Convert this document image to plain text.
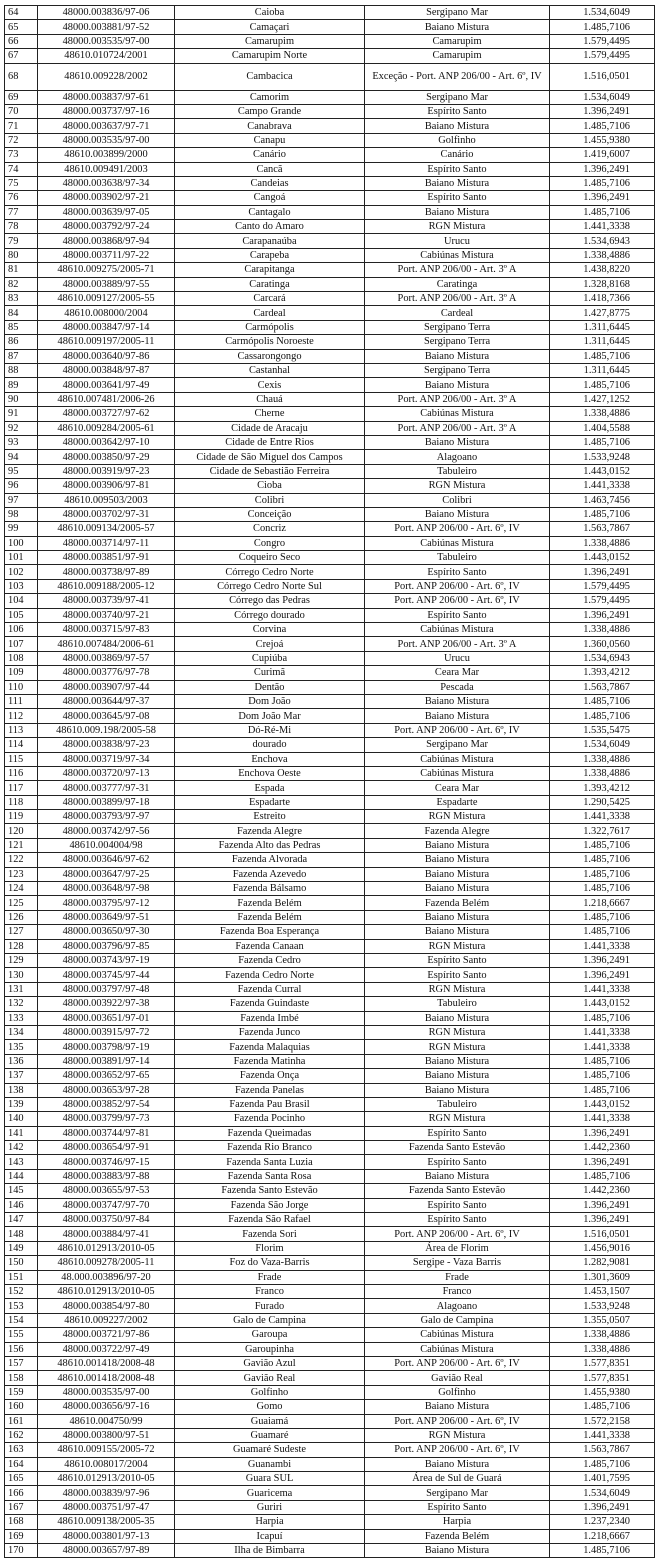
64	48000.003836/97-06	Caioba	Sergipano Mar	1.534,6049
65	48000.003881/97-52	Camaçari	Baiano Mistura	1.485,7106
66	48000.003535/97-00	Camarupim	Camarupim	1.579,4495
67	48610.010724/2001	Camarupim Norte	Camarupim	1.579,4495
68	48610.009228/2002	Cambacica	Exceção - Port. ANP 206/00 - Art. 6º, IV	1.516,0501
69	48000.003837/97-61	Camorim	Sergipano Mar	1.534,6049
70	48000.003737/97-16	Campo Grande	Espírito Santo	1.396,2491
71	48000.003637/97-71	Canabrava	Baiano Mistura	1.485,7106
72	48000.003535/97-00	Canapu	Golfinho	1.455,9380
73	48610.003899/2000	Canário	Canário	1.419,6007
74	48610.009491/2003	Cancã	Espírito Santo	1.396,2491
75	48000.003638/97-34	Candeias	Baiano Mistura	1.485,7106
76	48000.003902/97-21	Cangoá	Espírito Santo	1.396,2491
77	48000.003639/97-05	Cantagalo	Baiano Mistura	1.485,7106
78	48000.003792/97-24	Canto do Amaro	RGN Mistura	1.441,3338
79	48000.003868/97-94	Carapanaúba	Urucu	1.534,6943
80	48000.003711/97-22	Carapeba	Cabiúnas Mistura	1.338,4886
81	48610.009275/2005-71	Carapitanga	Port. ANP 206/00 - Art. 3º A	1.438,8220
82	48000.003889/97-55	Caratinga	Caratinga	1.328,8168
83	48610.009127/2005-55	Carcará	Port. ANP 206/00 - Art. 3º A	1.418,7366
84	48610.008000/2004	Cardeal	Cardeal	1.427,8775
85	48000.003847/97-14	Carmópolis	Sergipano Terra	1.311,6445
86	48610.009197/2005-11	Carmópolis Noroeste	Sergipano Terra	1.311,6445
87	48000.003640/97-86	Cassarongongo	Baiano Mistura	1.485,7106
88	48000.003848/97-87	Castanhal	Sergipano Terra	1.311,6445
89	48000.003641/97-49	Cexis	Baiano Mistura	1.485,7106
90	48610.007481/2006-26	Chauá	Port. ANP 206/00 - Art. 3º A	1.427,1252
91	48000.003727/97-62	Cherne	Cabiúnas Mistura	1.338,4886
92	48610.009284/2005-61	Cidade de Aracaju	Port. ANP 206/00 - Art. 3º A	1.404,5588
93	48000.003642/97-10	Cidade de Entre Rios	Baiano Mistura	1.485,7106
94	48000.003850/97-29	Cidade de São Miguel dos Campos	Alagoano	1.533,9248
95	48000.003919/97-23	Cidade de Sebastião Ferreira	Tabuleiro	1.443,0152
96	48000.003906/97-81	Cioba	RGN Mistura	1.441,3338
97	48610.009503/2003	Colibri	Colibri	1.463,7456
98	48000.003702/97-31	Conceição	Baiano Mistura	1.485,7106
99	48610.009134/2005-57	Concriz	Port. ANP 206/00 - Art. 6º, IV	1.563,7867
100	48000.003714/97-11	Congro	Cabiúnas Mistura	1.338,4886
101	48000.003851/97-91	Coqueiro Seco	Tabuleiro	1.443,0152
102	48000.003738/97-89	Córrego Cedro Norte	Espírito Santo	1.396,2491
103	48610.009188/2005-12	Córrego Cedro Norte Sul	Port. ANP 206/00 - Art. 6º, IV	1.579,4495
104	48000.003739/97-41	Córrego das Pedras	Port. ANP 206/00 - Art. 6º, IV	1.579,4495
105	48000.003740/97-21	Córrego dourado	Espírito Santo	1.396,2491
106	48000.003715/97-83	Corvina	Cabiúnas Mistura	1.338,4886
107	48610.007484/2006-61	Crejoá	Port. ANP 206/00 - Art. 3º A	1.360,0560
108	48000.003869/97-57	Cupiúba	Urucu	1.534,6943
109	48000.003776/97-78	Curimã	Ceara Mar	1.393,4212
110	48000.003907/97-44	Dentão	Pescada	1.563,7867
111	48000.003644/97-37	Dom João	Baiano Mistura	1.485,7106
112	48000.003645/97-08	Dom João Mar	Baiano Mistura	1.485,7106
113	48610.009.198/2005-58	Dó-Ré-Mi	Port. ANP 206/00 - Art. 6º, IV	1.535,5475
114	48000.003838/97-23	dourado	Sergipano Mar	1.534,6049
115	48000.003719/97-34	Enchova	Cabiúnas Mistura	1.338,4886
116	48000.003720/97-13	Enchova Oeste	Cabiúnas Mistura	1.338,4886
117	48000.003777/97-31	Espada	Ceara Mar	1.393,4212
118	48000.003899/97-18	Espadarte	Espadarte	1.290,5425
119	48000.003793/97-97	Estreito	RGN Mistura	1.441,3338
120	48000.003742/97-56	Fazenda Alegre	Fazenda Alegre	1.322,7617
121	48610.004004/98	Fazenda Alto das Pedras	Baiano Mistura	1.485,7106
122	48000.003646/97-62	Fazenda Alvorada	Baiano Mistura	1.485,7106
123	48000.003647/97-25	Fazenda Azevedo	Baiano Mistura	1.485,7106
124	48000.003648/97-98	Fazenda Bálsamo	Baiano Mistura	1.485,7106
125	48000.003795/97-12	Fazenda Belém	Fazenda Belém	1.218,6667
126	48000.003649/97-51	Fazenda Belém	Baiano Mistura	1.485,7106
127	48000.003650/97-30	Fazenda Boa Esperança	Baiano Mistura	1.485,7106
128	48000.003796/97-85	Fazenda Canaan	RGN Mistura	1.441,3338
129	48000.003743/97-19	Fazenda Cedro	Espírito Santo	1.396,2491
130	48000.003745/97-44	Fazenda Cedro Norte	Espírito Santo	1.396,2491
131	48000.003797/97-48	Fazenda Curral	RGN Mistura	1.441,3338
132	48000.003922/97-38	Fazenda Guindaste	Tabuleiro	1.443,0152
133	48000.003651/97-01	Fazenda Imbé	Baiano Mistura	1.485,7106
134	48000.003915/97-72	Fazenda Junco	RGN Mistura	1.441,3338
135	48000.003798/97-19	Fazenda Malaquias	RGN Mistura	1.441,3338
136	48000.003891/97-14	Fazenda Matinha	Baiano Mistura	1.485,7106
137	48000.003652/97-65	Fazenda Onça	Baiano Mistura	1.485,7106
138	48000.003653/97-28	Fazenda Panelas	Baiano Mistura	1.485,7106
139	48000.003852/97-54	Fazenda Pau Brasil	Tabuleiro	1.443,0152
140	48000.003799/97-73	Fazenda Pocinho	RGN Mistura	1.441,3338
141	48000.003744/97-81	Fazenda Queimadas	Espírito Santo	1.396,2491
142	48000.003654/97-91	Fazenda Rio Branco	Fazenda Santo Estevão	1.442,2360
143	48000.003746/97-15	Fazenda Santa Luzia	Espírito Santo	1.396,2491
144	48000.003883/97-88	Fazenda Santa Rosa	Baiano Mistura	1.485,7106
145	48000.003655/97-53	Fazenda Santo Estevão	Fazenda Santo Estevão	1.442,2360
146	48000.003747/97-70	Fazenda São Jorge	Espírito Santo	1.396,2491
147	48000.003750/97-84	Fazenda São Rafael	Espírito Santo	1.396,2491
148	48000.003884/97-41	Fazenda Sori	Port. ANP 206/00 - Art. 6º, IV	1.516,0501
149	48610.012913/2010-05	Florim	Área de Florim	1.456,9016
150	48610.009278/2005-11	Foz do Vaza-Barris	Sergipe - Vaza Barris	1.282,9081
151	48.000.003896/97-20	Frade	Frade	1.301,3609
152	48610.012913/2010-05	Franco	Franco	1.453,1507
153	48000.003854/97-80	Furado	Alagoano	1.533,9248
154	48610.009227/2002	Galo de Campina	Galo de Campina	1.355,0507
155	48000.003721/97-86	Garoupa	Cabiúnas Mistura	1.338,4886
156	48000.003722/97-49	Garoupinha	Cabiúnas Mistura	1.338,4886
157	48610.001418/2008-48	Gavião Azul	Port. ANP 206/00 - Art. 6º, IV	1.577,8351
158	48610.001418/2008-48	Gavião Real	Gavião Real	1.577,8351
159	48000.003535/97-00	Golfinho	Golfinho	1.455,9380
160	48000.003656/97-16	Gomo	Baiano Mistura	1.485,7106
161	48610.004750/99	Guaiamá	Port. ANP 206/00 - Art. 6º, IV	1.572,2158
162	48000.003800/97-51	Guamaré	RGN Mistura	1.441,3338
163	48610.009155/2005-72	Guamaré Sudeste	Port. ANP 206/00 - Art. 6º, IV	1.563,7867
164	48610.008017/2004	Guanambi	Baiano Mistura	1.485,7106
165	48610.012913/2010-05	Guara SUL	Área de Sul de Guará	1.401,7595
166	48000.003839/97-96	Guaricema	Sergipano Mar	1.534,6049
167	48000.003751/97-47	Guriri	Espírito Santo	1.396,2491
168	48610.009138/2005-35	Harpia	Harpia	1.237,2340
169	48000.003801/97-13	Icapuí	Fazenda Belém	1.218,6667
170	48000.003657/97-89	Ilha de Bimbarra	Baiano Mistura	1.485,7106
